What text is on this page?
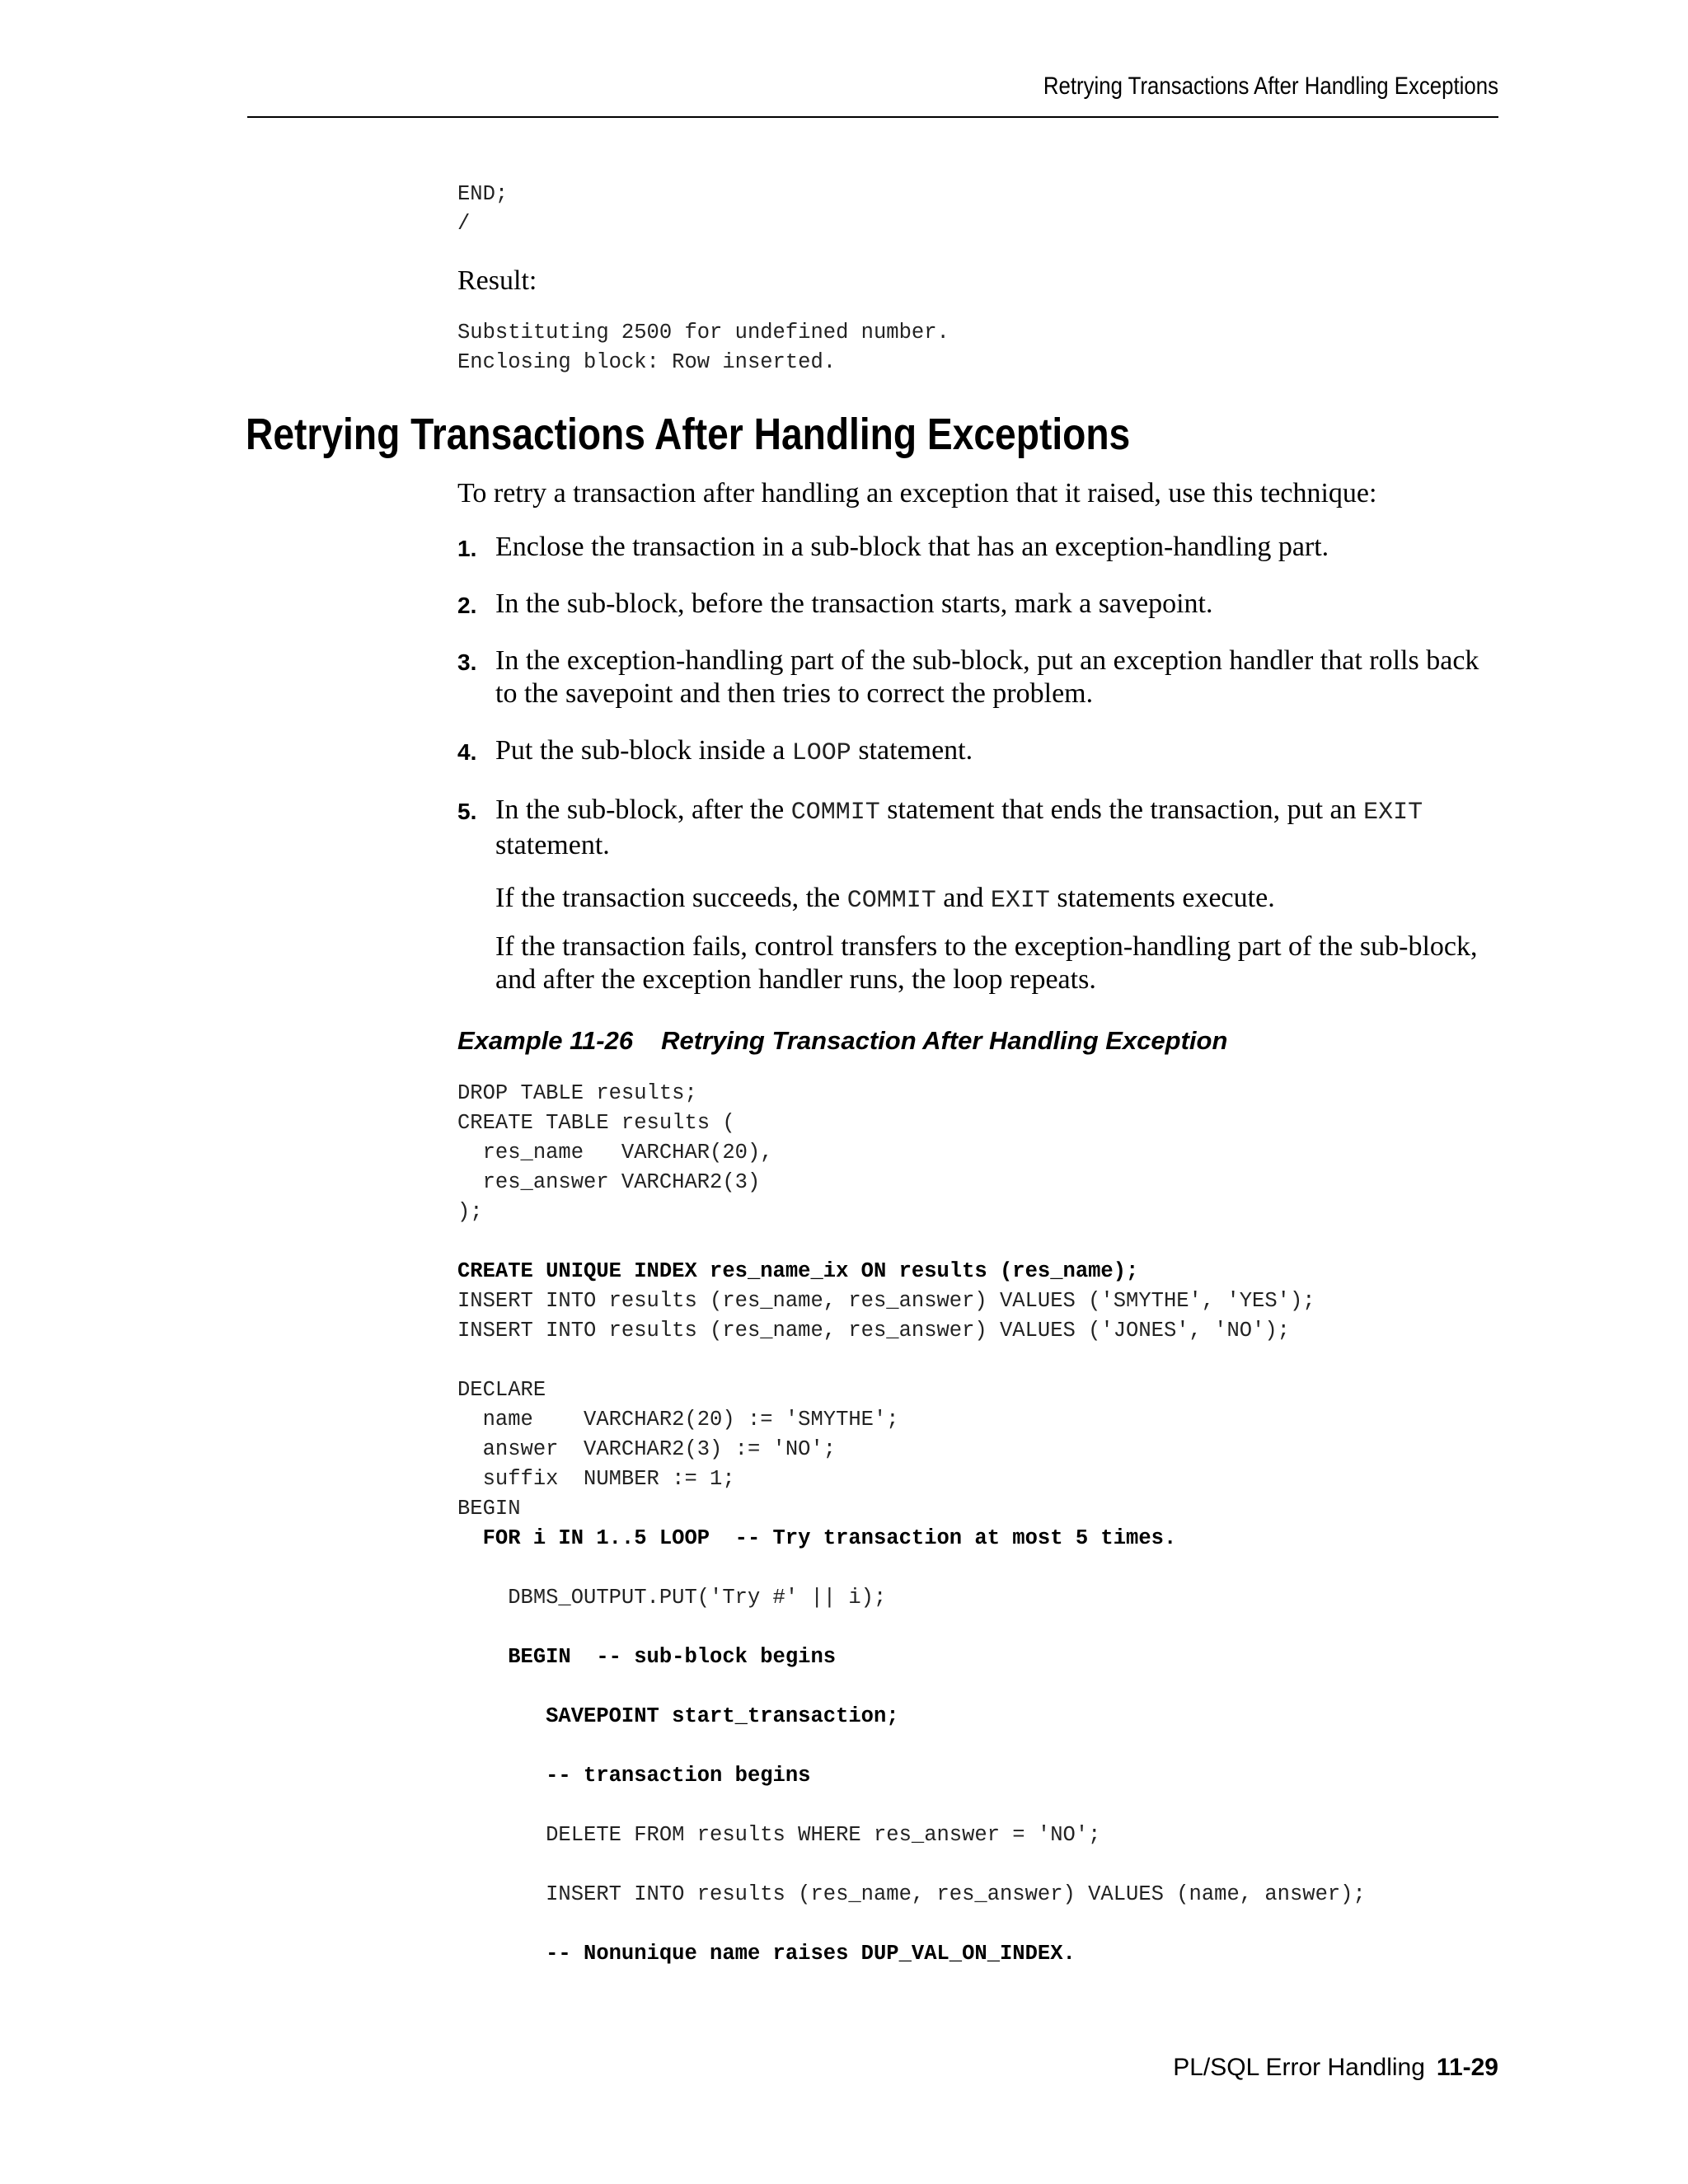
Retrying Transactions After Handling Exceptions
END;
/
Result:
Substituting 2500 for undefined number.
Enclosing block: Row inserted.
Retrying Transactions After Handling Exceptions
To retry a transaction after handling an exception that it raised, use this technique:
1. Enclose the transaction in a sub-block that has an exception-handling part.
2. In the sub-block, before the transaction starts, mark a savepoint.
3. In the exception-handling part of the sub-block, put an exception handler that rolls back to the savepoint and then tries to correct the problem.
4. Put the sub-block inside a LOOP statement.
5. In the sub-block, after the COMMIT statement that ends the transaction, put an EXIT statement.
If the transaction succeeds, the COMMIT and EXIT statements execute.
If the transaction fails, control transfers to the exception-handling part of the sub-block, and after the exception handler runs, the loop repeats.
Example 11-26 Retrying Transaction After Handling Exception
DROP TABLE results;
CREATE TABLE results (
res_name   VARCHAR(20),
res_answer VARCHAR2(3)
);

CREATE UNIQUE INDEX res_name_ix ON results (res_name);
INSERT INTO results (res_name, res_answer) VALUES ('SMYTHE', 'YES');
INSERT INTO results (res_name, res_answer) VALUES ('JONES', 'NO');

DECLARE
name    VARCHAR2(20) := 'SMYTHE';
answer  VARCHAR2(3) := 'NO';
suffix  NUMBER := 1;
BEGIN
FOR i IN 1..5 LOOP  -- Try transaction at most 5 times.

DBMS_OUTPUT.PUT('Try #' || i);

BEGIN  -- sub-block begins

SAVEPOINT start_transaction;

-- transaction begins

DELETE FROM results WHERE res_answer = 'NO';

INSERT INTO results (res_name, res_answer) VALUES (name, answer);

-- Nonunique name raises DUP_VAL_ON_INDEX.
PL/SQL Error Handling 11-29
